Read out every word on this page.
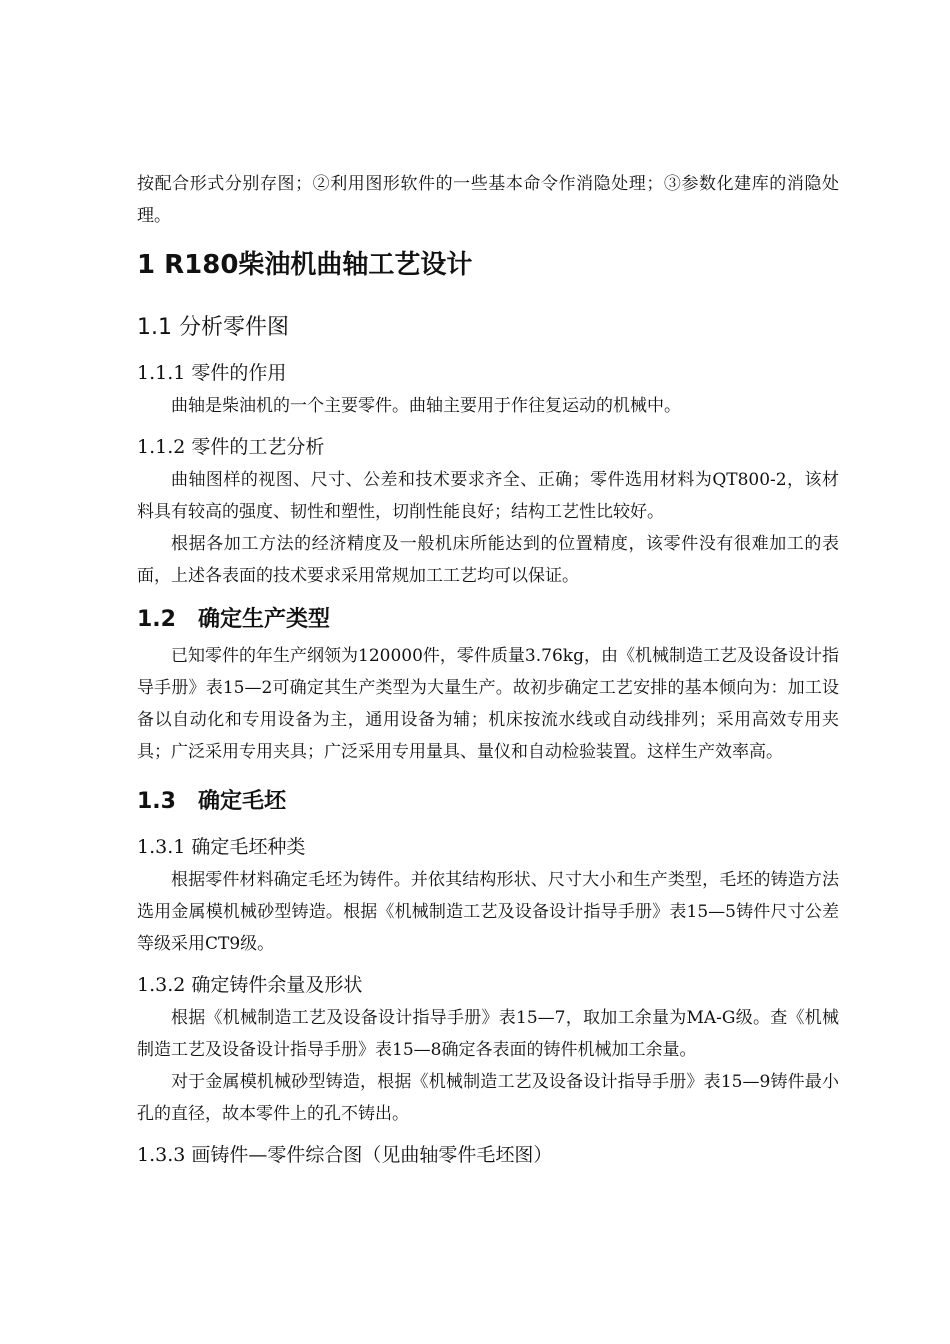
按配合形式分别存图；②利用图形软件的一些基本命令作消隐处理；③参数化建库的消隐处理。

1 R180柴油机曲轴工艺设计
1.1 分析零件图
1.1.1 零件的作用

曲轴是柴油机的一个主要零件。曲轴主要用于作往复运动的机械中。

1.1.2 零件的工艺分析

曲轴图样的视图、尺寸、公差和技术要求齐全、正确；零件选用材料为QT800-2，该材料具有较高的强度、韧性和塑性，切削性能良好；结构工艺性比较好。

根据各加工方法的经济精度及一般机床所能达到的位置精度，该零件没有很难加工的表面，上述各表面的技术要求采用常规加工工艺均可以保证。

1.2　确定生产类型

已知零件的年生产纲领为120000件，零件质量3.76kg，由《机械制造工艺及设备设计指导手册》表15—2可确定其生产类型为大量生产。故初步确定工艺安排的基本倾向为：加工设备以自动化和专用设备为主，通用设备为辅；机床按流水线或自动线排列；采用高效专用夹具；广泛采用专用夹具；广泛采用专用量具、量仪和自动检验装置。这样生产效率高。

1.3　确定毛坯
1.3.1 确定毛坯种类

根据零件材料确定毛坯为铸件。并依其结构形状、尺寸大小和生产类型，毛坯的铸造方法选用金属模机械砂型铸造。根据《机械制造工艺及设备设计指导手册》表15—5铸件尺寸公差等级采用CT9级。

1.3.2 确定铸件余量及形状

根据《机械制造工艺及设备设计指导手册》表15—7，取加工余量为MA-G级。查《机械制造工艺及设备设计指导手册》表15—8确定各表面的铸件机械加工余量。

对于金属模机械砂型铸造，根据《机械制造工艺及设备设计指导手册》表15—9铸件最小孔的直径，故本零件上的孔不铸出。

1.3.3 画铸件—零件综合图（见曲轴零件毛坯图）
